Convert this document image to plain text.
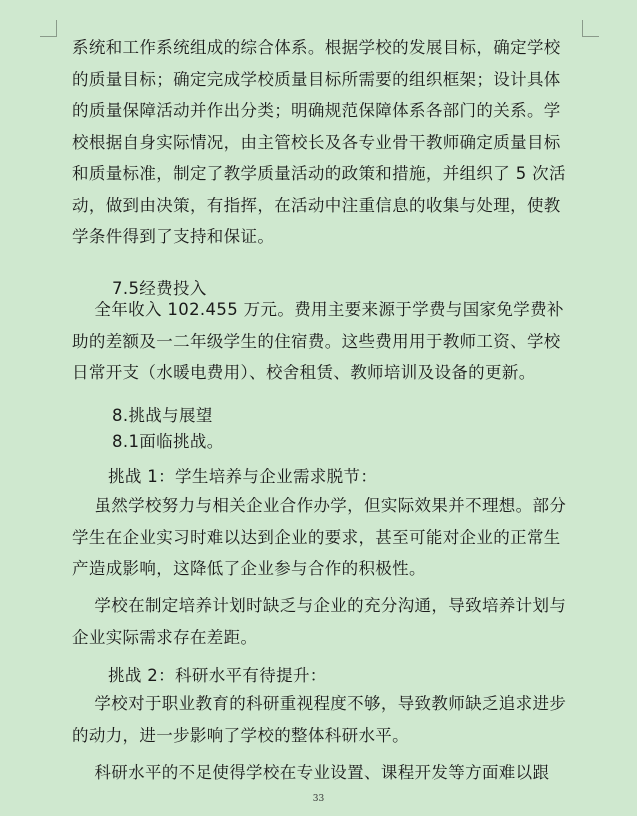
系统和工作系统组成的综合体系。根据学校的发展目标，确定学校的质量目标；确定完成学校质量目标所需要的组织框架；设计具体的质量保障活动并作出分类；明确规范保障体系各部门的关系。学校根据自身实际情况，由主管校长及各专业骨干教师确定质量目标和质量标准，制定了教学质量活动的政策和措施，并组织了 5 次活动，做到由决策，有指挥，在活动中注重信息的收集与处理，使教学条件得到了支持和保证。
7.5经费投入
全年收入 102.455 万元。费用主要来源于学费与国家免学费补助的差额及一二年级学生的住宿费。这些费用用于教师工资、学校日常开支（水暖电费用）、校舍租赁、教师培训及设备的更新。
8.挑战与展望
8.1面临挑战。
挑战 1：学生培养与企业需求脱节：
虽然学校努力与相关企业合作办学，但实际效果并不理想。部分学生在企业实习时难以达到企业的要求，甚至可能对企业的正常生产造成影响，这降低了企业参与合作的积极性。
学校在制定培养计划时缺乏与企业的充分沟通，导致培养计划与企业实际需求存在差距。
挑战 2：科研水平有待提升：
学校对于职业教育的科研重视程度不够，导致教师缺乏追求进步的动力，进一步影响了学校的整体科研水平。
科研水平的不足使得学校在专业设置、课程开发等方面难以跟
33
